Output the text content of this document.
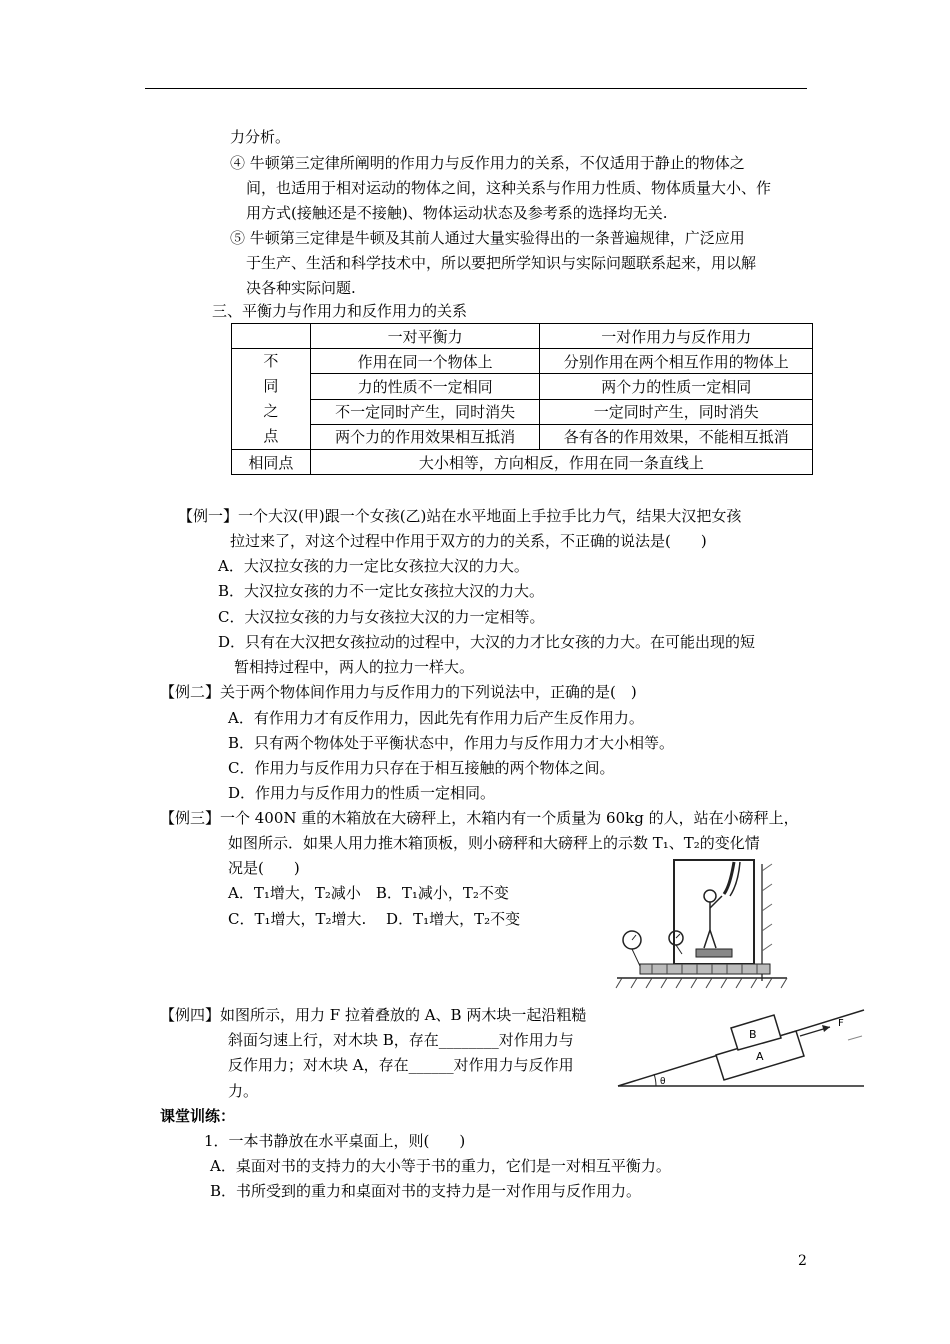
力分析。
④ 牛顿第三定律所阐明的作用力与反作用力的关系，不仅适用于静止的物体之
间，也适用于相对运动的物体之间，这种关系与作用力性质、物体质量大小、作
用方式(接触还是不接触)、物体运动状态及参考系的选择均无关.
⑤ 牛顿第三定律是牛顿及其前人通过大量实验得出的一条普遍规律，广泛应用
于生产、生活和科学技术中，所以要把所学知识与实际问题联系起来，用以解
决各种实际问题.
三、平衡力与作用力和反作用力的关系
	一对平衡力	一对作用力与反作用力

不
同
之
点	作用在同一个物体上	分别作用在两个相互作用的物体上
	力的性质不一定相同	两个力的性质一定相同
	不一定同时产生，同时消失	一定同时产生，同时消失
	两个力的作用效果相互抵消	各有各的作用效果，不能相互抵消
相同点	大小相等，方向相反，作用在同一条直线上	
【例一】一个大汉(甲)跟一个女孩(乙)站在水平地面上手拉手比力气，结果大汉把女孩
拉过来了，对这个过程中作用于双方的力的关系，不正确的说法是(　　)
A．大汉拉女孩的力一定比女孩拉大汉的力大。
B．大汉拉女孩的力不一定比女孩拉大汉的力大。
C．大汉拉女孩的力与女孩拉大汉的力一定相等。
D．只有在大汉把女孩拉动的过程中，大汉的力才比女孩的力大。在可能出现的短
暂相持过程中，两人的拉力一样大。
【例二】关于两个物体间作用力与反作用力的下列说法中，正确的是(　)
A．有作用力才有反作用力，因此先有作用力后产生反作用力。
B．只有两个物体处于平衡状态中，作用力与反作用力才大小相等。
C．作用力与反作用力只存在于相互接触的两个物体之间。
D．作用力与反作用力的性质一定相同。
【例三】一个 400N 重的木箱放在大磅秤上，木箱内有一个质量为 60kg 的人，站在小磅秤上，
如图所示．如果人用力推木箱顶板，则小磅秤和大磅秤上的示数 T₁、T₂的变化情
况是(　　)
A．T₁增大，T₂减小　B．T₁减小，T₂不变
C．T₁增大，T₂增大.　 D．T₁增大，T₂不变
【例四】如图所示，用力 F 拉着叠放的 A、B 两木块一起沿粗糙
斜面匀速上行，对木块 B，存在________对作用力与
反作用力；对木块 A，存在______对作用力与反作用
力。
B
A
F
θ
课堂训练：
1．一本书静放在水平桌面上，则(　　)
A．桌面对书的支持力的大小等于书的重力，它们是一对相互平衡力。
B．书所受到的重力和桌面对书的支持力是一对作用与反作用力。
2
